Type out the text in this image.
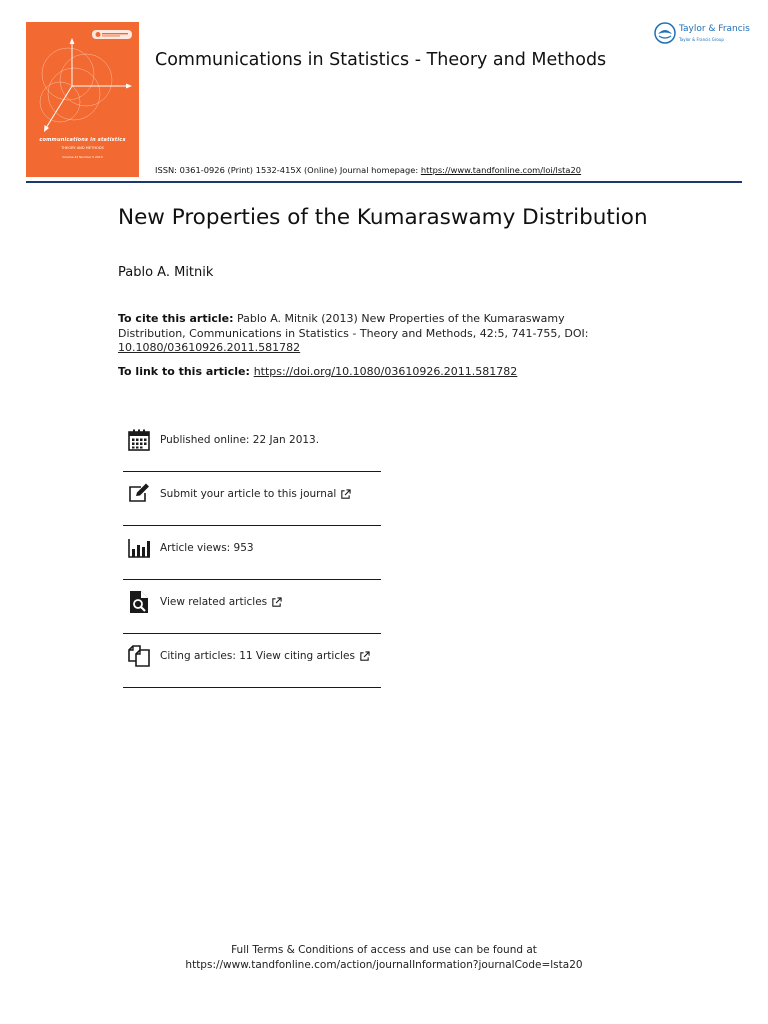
communications in statistics
THEORY AND METHODS
Volume 42 Number 5 2013
Communications in Statistics - Theory and Methods
Taylor & Francis
Taylor & Francis Group
ISSN: 0361-0926 (Print) 1532-415X (Online) Journal homepage: https://www.tandfonline.com/loi/lsta20
New Properties of the Kumaraswamy Distribution
Pablo A. Mitnik
To cite this article: Pablo A. Mitnik (2013) New Properties of the Kumaraswamy Distribution, Communications in Statistics - Theory and Methods, 42:5, 741-755, DOI: 10.1080/03610926.2011.581782
To link to this article: https://doi.org/10.1080/03610926.2011.581782
Published online: 22 Jan 2013.
Submit your article to this journal
Article views: 953
View related articles
Citing articles: 11 View citing articles
Full Terms & Conditions of access and use can be found at
https://www.tandfonline.com/action/journalInformation?journalCode=lsta20
